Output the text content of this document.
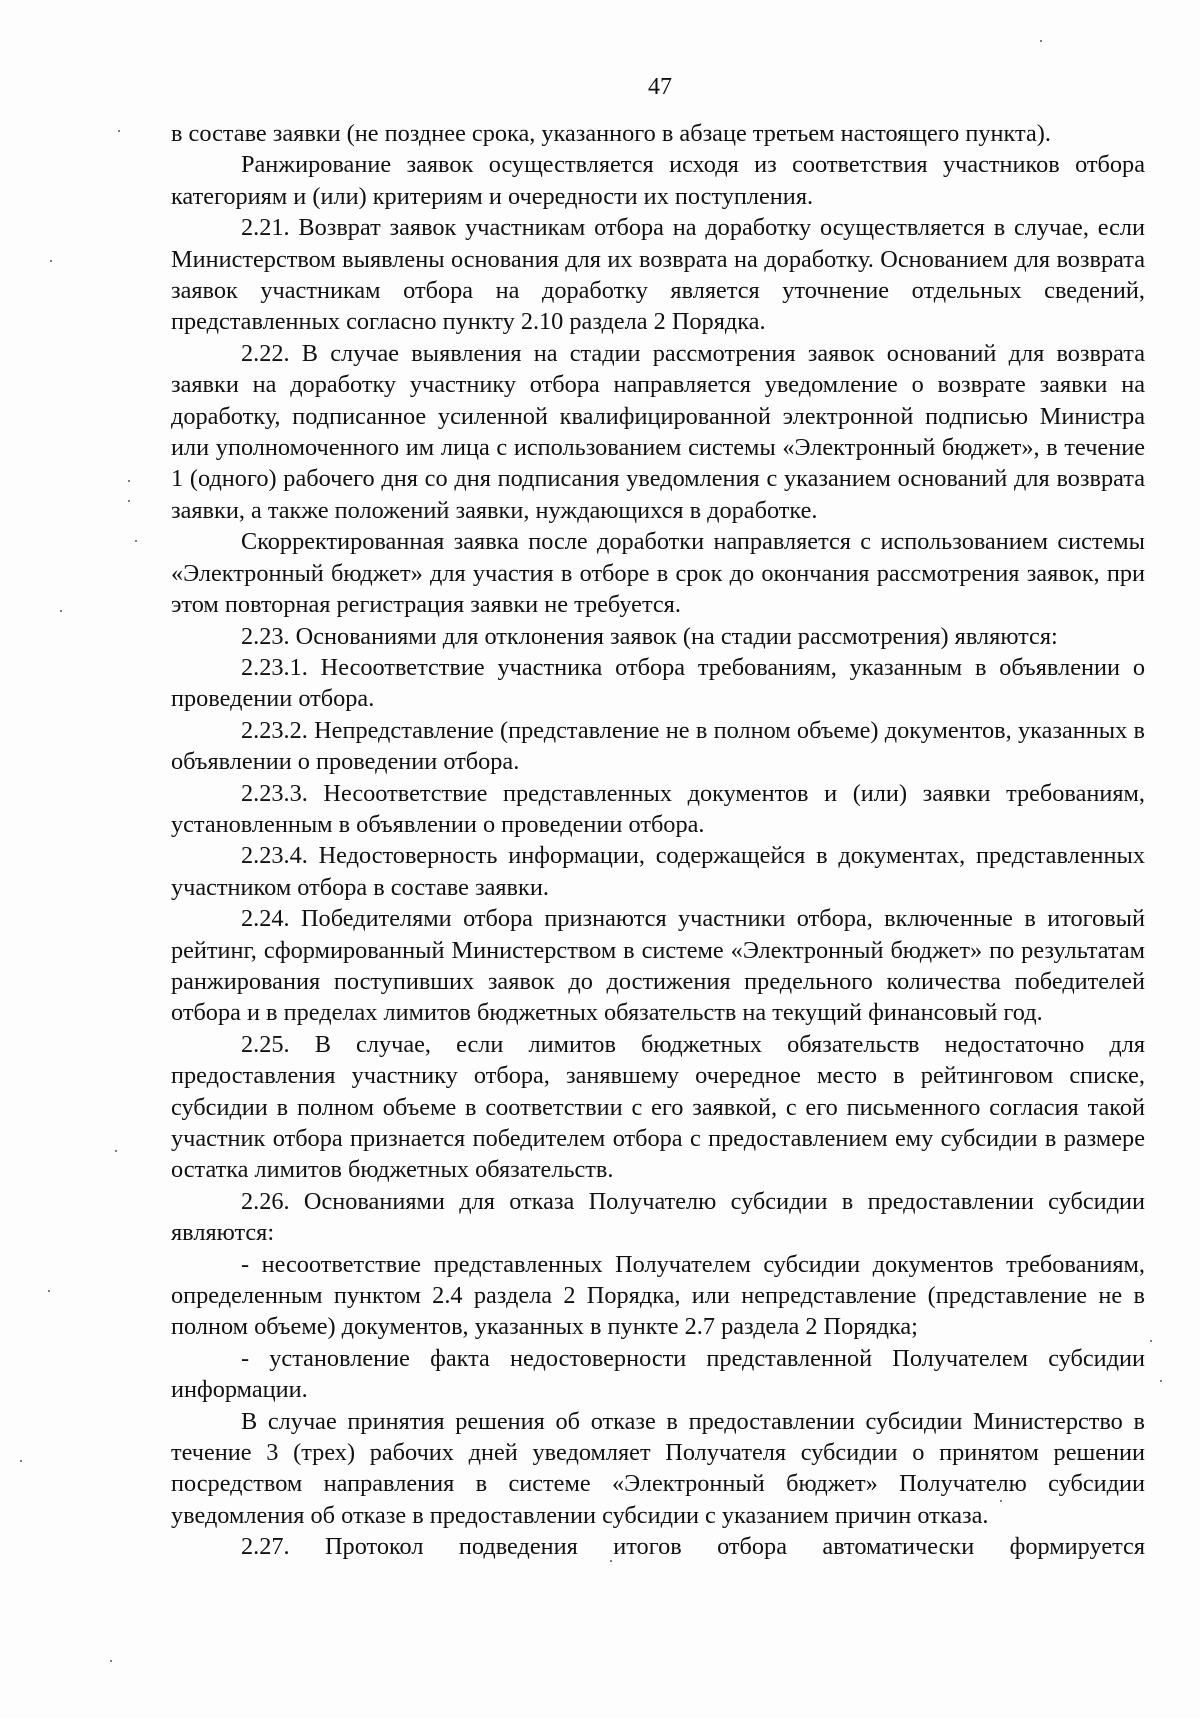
47

в составе заявки (не позднее срока, указанного в абзаце третьем настоящего пункта).

Ранжирование заявок осуществляется исходя из соответствия участников отбора категориям и (или) критериям и очередности их поступления.

2.21. Возврат заявок участникам отбора на доработку осуществляется в случае, если Министерством выявлены основания для их возврата на доработку. Основанием для возврата заявок участникам отбора на доработку является уточнение отдельных сведений, представленных согласно пункту 2.10 раздела 2 Порядка.

2.22. В случае выявления на стадии рассмотрения заявок оснований для возврата заявки на доработку участнику отбора направляется уведомление о возврате заявки на доработку, подписанное усиленной квалифицированной электронной подписью Министра или уполномоченного им лица с использованием системы «Электронный бюджет», в течение 1 (одного) рабочего дня со дня подписания уведомления с указанием оснований для возврата заявки, а также положений заявки, нуждающихся в доработке.

Скорректированная заявка после доработки направляется с использованием системы «Электронный бюджет» для участия в отборе в срок до окончания рассмотрения заявок, при этом повторная регистрация заявки не требуется.

2.23. Основаниями для отклонения заявок (на стадии рассмотрения) являются:

2.23.1. Несоответствие участника отбора требованиям, указанным в объявлении о проведении отбора.

2.23.2. Непредставление (представление не в полном объеме) документов, указанных в объявлении о проведении отбора.

2.23.3. Несоответствие представленных документов и (или) заявки требованиям, установленным в объявлении о проведении отбора.

2.23.4. Недостоверность информации, содержащейся в документах, представленных участником отбора в составе заявки.

2.24. Победителями отбора признаются участники отбора, включенные в итоговый рейтинг, сформированный Министерством в системе «Электронный бюджет» по результатам ранжирования поступивших заявок до достижения предельного количества победителей отбора и в пределах лимитов бюджетных обязательств на текущий финансовый год.

2.25. В случае, если лимитов бюджетных обязательств недостаточно для предоставления участнику отбора, занявшему очередное место в рейтинговом списке, субсидии в полном объеме в соответствии с его заявкой, с его письменного согласия такой участник отбора признается победителем отбора с предоставлением ему субсидии в размере остатка лимитов бюджетных обязательств.

2.26. Основаниями для отказа Получателю субсидии в предоставлении субсидии являются:

- несоответствие представленных Получателем субсидии документов требованиям, определенным пунктом 2.4 раздела 2 Порядка, или непредставление (представление не в полном объеме) документов, указанных в пункте 2.7 раздела 2 Порядка;

- установление факта недостоверности представленной Получателем субсидии информации.

В случае принятия решения об отказе в предоставлении субсидии Министерство в течение 3 (трех) рабочих дней уведомляет Получателя субсидии о принятом решении посредством направления в системе «Электронный бюджет» Получателю субсидии уведомления об отказе в предоставлении субсидии с указанием причин отказа.

2.27. Протокол подведения итогов отбора автоматически формируется
